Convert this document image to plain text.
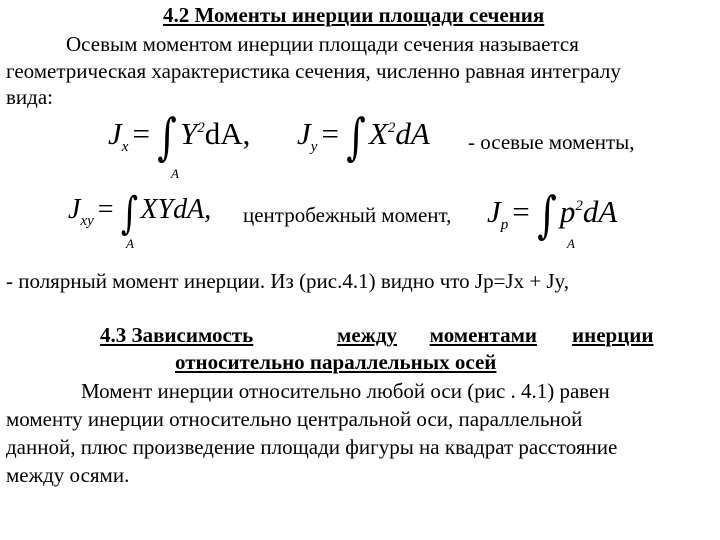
4.2 Моменты инерции площади сечения
Осевым моментом инерции площади сечения называется
геометрическая характеристика сечения, численно равная интегралу
вида:
$J_x$ = ∫ $Y^2dA$,
A
$J_y$ = ∫ $X^2dA$	- осевые моменты,
$J_{xy}$ = ∫ XYdA,
A
центробежный момент, $J_p$ = ∫ $p^2dA$
A
- полярный момент инерции. Из (рис.4.1) видно что Jp=Jx + Jy,
4.3 Зависимость	между	моментами	инерции
относительно параллельных осей
Момент инерции относительно любой оси (рис . 4.1) равен
моменту инерции относительно центральной оси, параллельной
данной, плюс произведение площади фигуры на квадрат расстояние
между осями.
